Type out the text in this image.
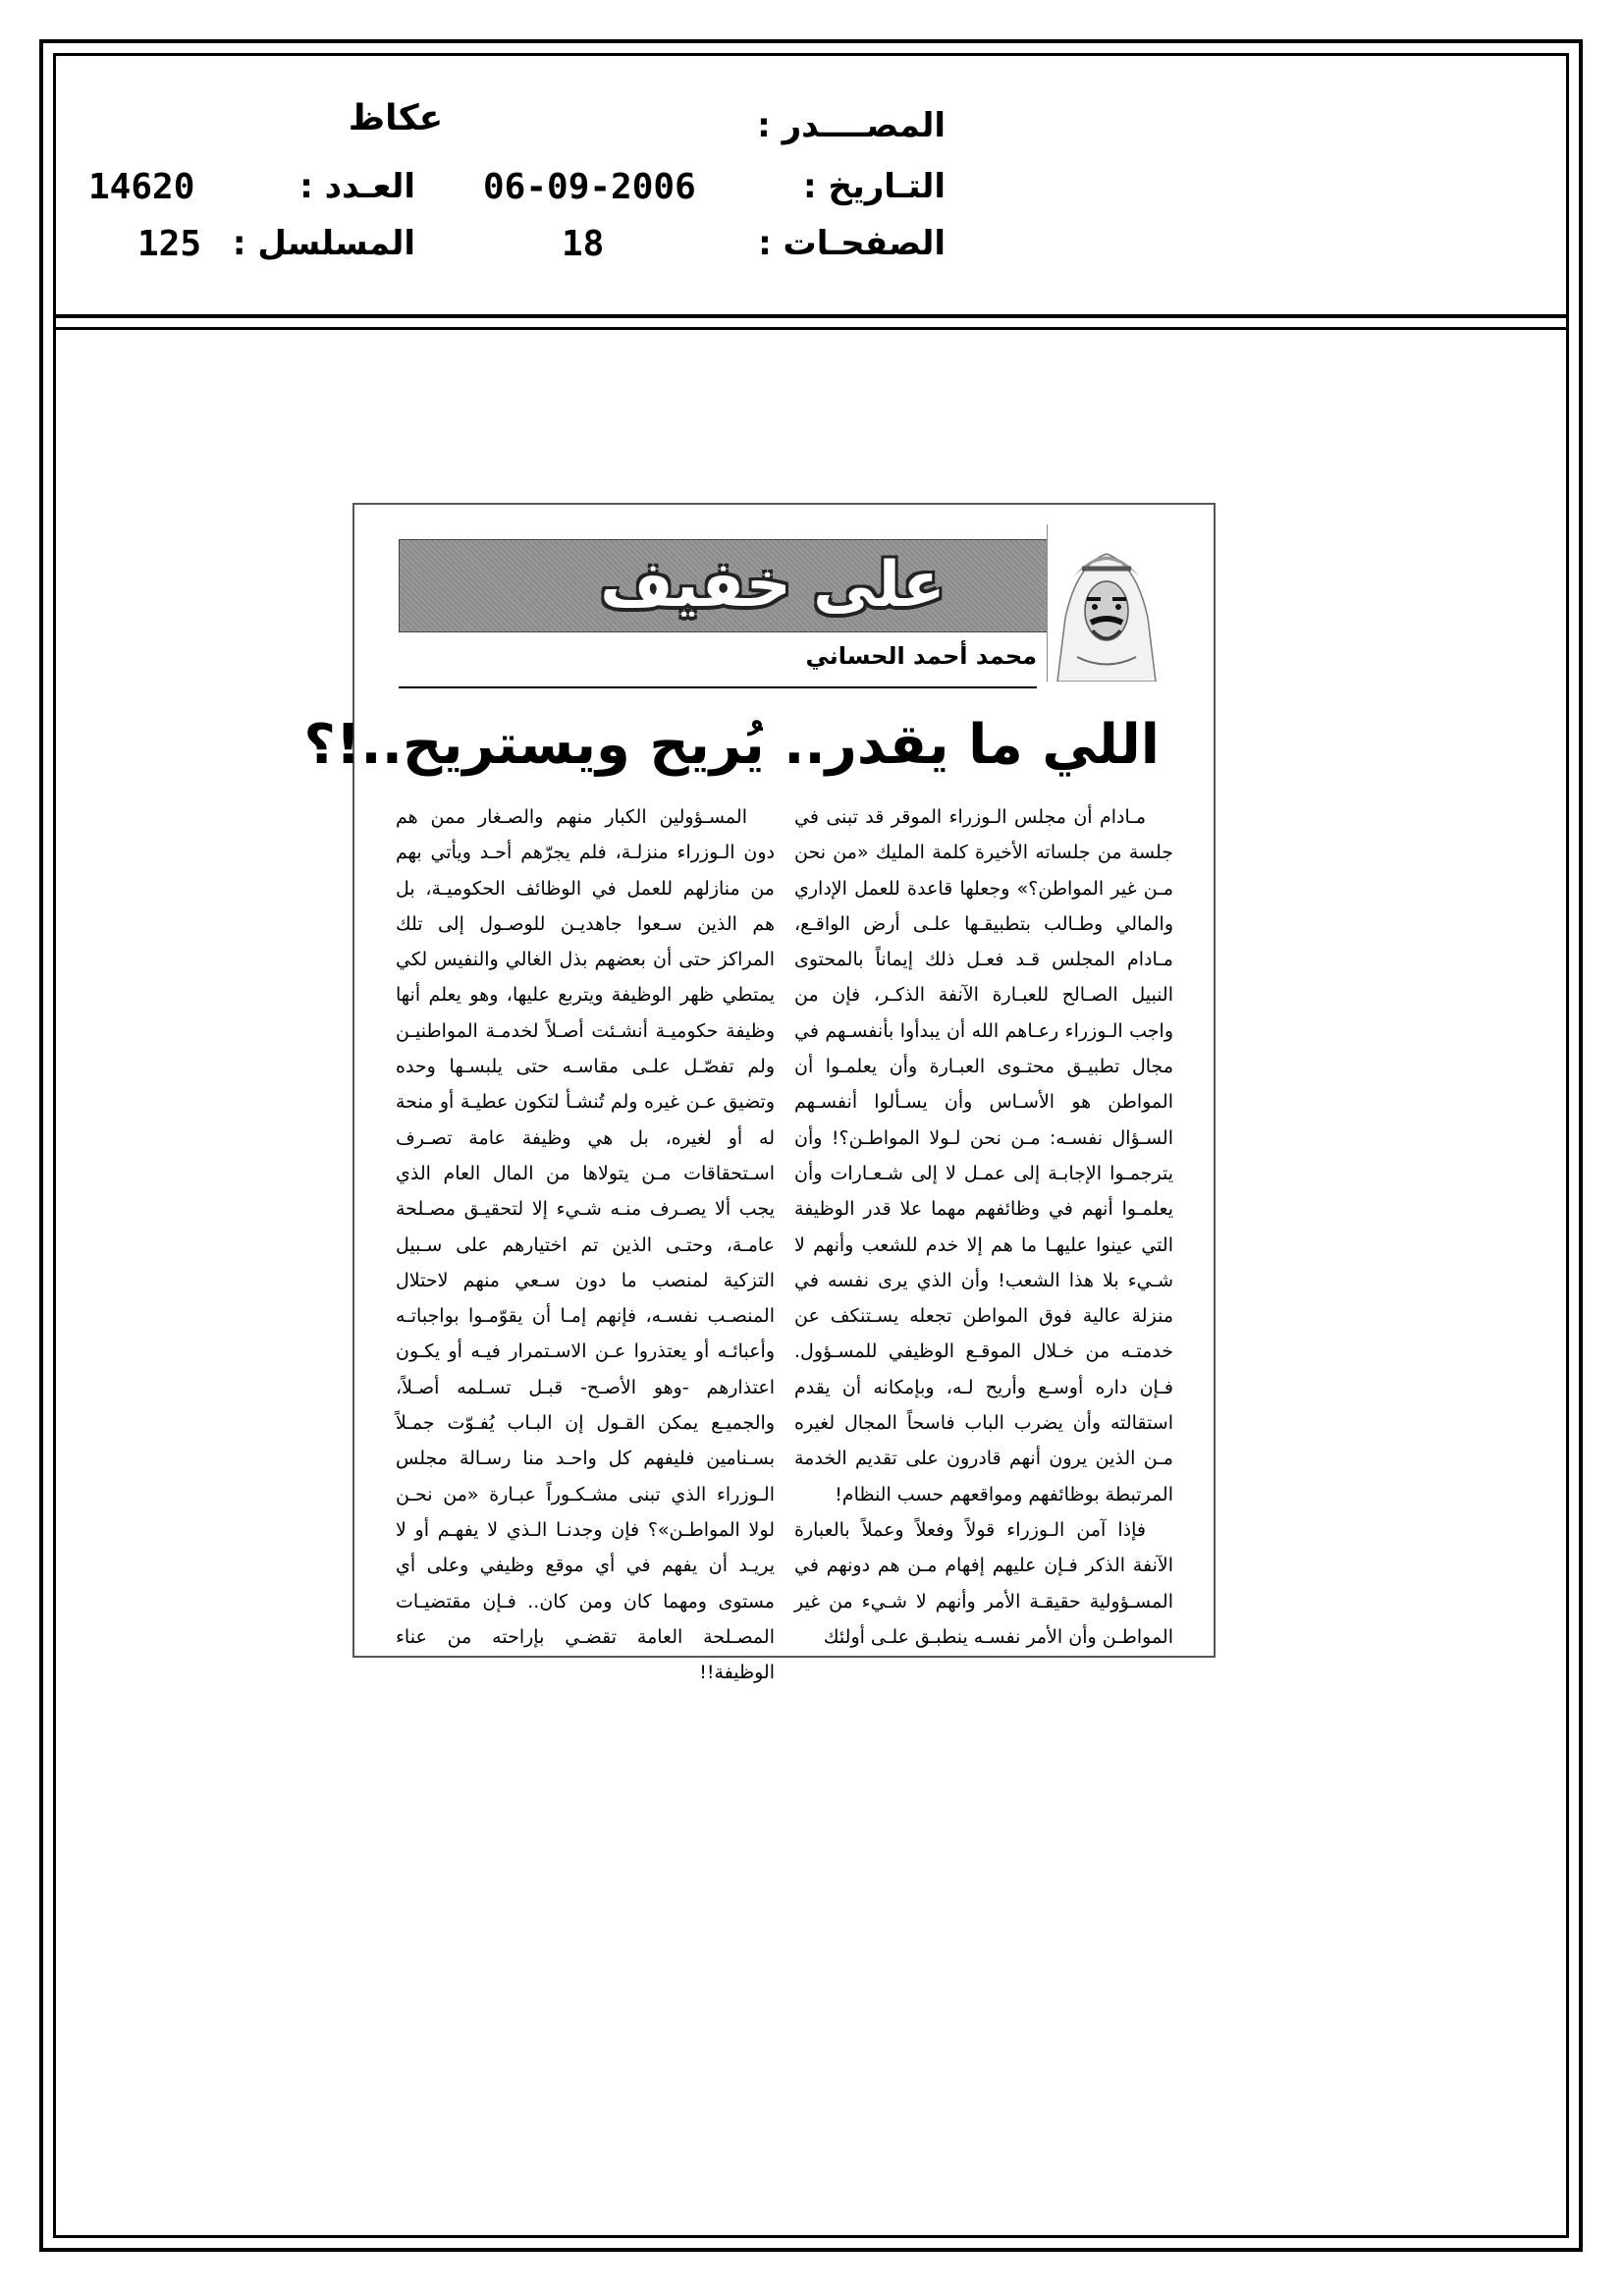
المصــــدر :
عكاظ
التـاريخ :
06-09-2006
العـدد :
14620
الصفحـات :
18
المسلسل :
125
على خفيف
محمد أحمد الحساني
اللي ما يقدر.. يُريح ويستريح..!؟

مـادام أن مجلس الـوزراء الموقر قد تبنى في جلسة من جلساته الأخيرة كلمة المليك «من نحن مـن غير المواطن؟» وجعلها قاعدة للعمل الإداري والمالي وطـالب بتطبيقـها علـى أرض الواقـع، مـادام المجلس قـد فعـل ذلك إيماناً بالمحتوى النبيل الصـالح للعبـارة الآنفة الذكـر، فإن من واجب الـوزراء رعـاهم الله أن يبدأوا بأنفسـهم في مجال تطبيـق محتـوى العبـارة وأن يعلمـوا أن المواطن هو الأسـاس وأن يسـألوا أنفسـهم السـؤال نفسـه: مـن نحن لـولا المواطـن؟! وأن يترجمـوا الإجابـة إلى عمـل لا إلى شـعـارات وأن يعلمـوا أنهم في وظائفهم مهما علا قدر الوظيفة التي عينوا عليهـا ما هم إلا خدم للشعب وأنهم لا شـيء بلا هذا الشعب! وأن الذي يرى نفسه في منزلة عالية فوق المواطن تجعله يسـتنكف عن خدمتـه من خـلال الموقـع الوظيفي للمسـؤول. فـإن داره أوسـع وأريح لـه، وبإمكانه أن يقدم استقالته وأن يضرب الباب فاسحاً المجال لغيره مـن الذين يرون أنهم قادرون على تقديم الخدمة المرتبطة بوظائفهم ومواقعهم حسب النظام!

فإذا آمن الـوزراء قولاً وفعلاً وعملاً بالعبارة الآنفة الذكر فـإن عليهم إفهام مـن هم دونهم في المسـؤولية حقيقـة الأمر وأنهم لا شـيء من غير المواطـن وأن الأمر نفسـه ينطبـق علـى أولئك

المسـؤولين الكبار منهم والصـغار ممن هم دون الـوزراء منزلـة، فلم يجرّهم أحـد ويأتي بهم من منازلهم للعمل في الوظائف الحكوميـة، بل هم الذين سـعوا جاهديـن للوصـول إلى تلك المراكز حتى أن بعضهم بذل الغالي والنفيس لكي يمتطي ظهر الوظيفة ويتربع عليها، وهو يعلم أنها وظيفة حكوميـة أنشـئت أصـلاً لخدمـة المواطنيـن ولم تفصّـل علـى مقاسـه حتى يلبسـها وحده وتضيق عـن غيره ولم تُنشـأ لتكون عطيـة أو منحة له أو لغيره، بل هي وظيفة عامة تصـرف اسـتحقاقات مـن يتولاها من المال العام الذي يجب ألا يصـرف منـه شـيء إلا لتحقيـق مصـلحة عامـة، وحتـى الذين تم اختيارهم على سـبيل التزكية لمنصب ما دون سـعي منهم لاحتلال المنصـب نفسـه، فإنهم إمـا أن يقوّمـوا بواجباتـه وأعبائـه أو يعتذروا عـن الاسـتمرار فيـه أو يكـون اعتذارهم -وهو الأصـح- قبـل تسـلمه أصـلاً، والجميـع يمكن القـول إن البـاب يُفـوّت جمـلاً بسـنامين فليفهم كل واحـد منا رسـالة مجلس الـوزراء الذي تبنى مشـكـوراً عبـارة «من نحـن لولا المواطـن»؟ فإن وجدنـا الـذي لا يفهـم أو لا يريـد أن يفهم في أي موقع وظيفي وعلى أي مستوى ومهما كان ومن كان.. فـإن مقتضيـات المصـلحة العامة تقضـي بإراحته من عناء الوظيفة!!
